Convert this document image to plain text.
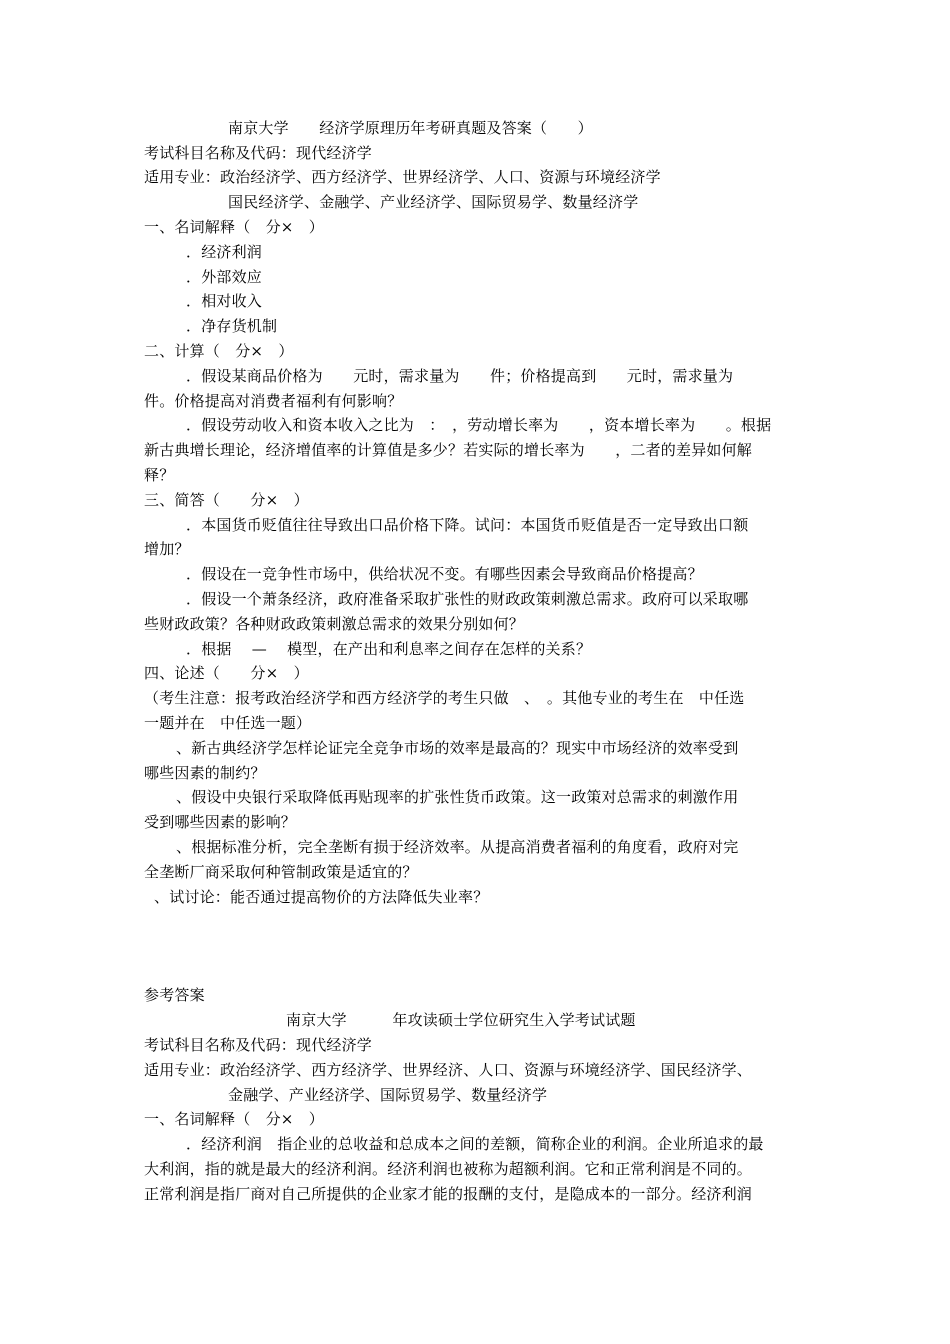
南京大学　　经济学原理历年考研真题及答案（　　）
考试科目名称及代码：现代经济学
适用专业：政治经济学、西方经济学、世界经济学、人口、资源与环境经济学
国民经济学、金融学、产业经济学、国际贸易学、数量经济学
一、名词解释（　分×　）
．经济利润
．外部效应
．相对收入
．净存货机制
二、计算（　分×　）
．假设某商品价格为　　元时，需求量为　　件；价格提高到　　元时，需求量为
件。价格提高对消费者福利有何影响？
．假设劳动收入和资本收入之比为　：　，劳动增长率为　　，资本增长率为　　。根据
新古典增长理论，经济增值率的计算值是多少？若实际的增长率为　　，二者的差异如何解
释？
三、简答（　　分×　）
．本国货币贬值往往导致出口品价格下降。试问：本国货币贬值是否一定导致出口额
增加？
．假设在一竞争性市场中，供给状况不变。有哪些因素会导致商品价格提高？
．假设一个萧条经济，政府准备采取扩张性的财政政策刺激总需求。政府可以采取哪
些财政政策？各种财政政策刺激总需求的效果分别如何？
．根据　 —　 模型，在产出和利息率之间存在怎样的关系？
四、论述（　　分×　）
（考生注意：报考政治经济学和西方经济学的考生只做　、　。其他专业的考生在　中任选
一题并在　中任选一题）
、新古典经济学怎样论证完全竞争市场的效率是最高的？现实中市场经济的效率受到
哪些因素的制约？
、假设中央银行采取降低再贴现率的扩张性货币政策。这一政策对总需求的刺激作用
受到哪些因素的影响？
、根据标准分析，完全垄断有损于经济效率。从提高消费者福利的角度看，政府对完
全垄断厂商采取何种管制政策是适宜的？
、试讨论：能否通过提高物价的方法降低失业率？
参考答案
南京大学　　　年攻读硕士学位研究生入学考试试题
考试科目名称及代码：现代经济学
适用专业：政治经济学、西方经济学、世界经济、人口、资源与环境经济学、国民经济学、
金融学、产业经济学、国际贸易学、数量经济学
一、名词解释（　分×　）
．经济利润　指企业的总收益和总成本之间的差额，简称企业的利润。企业所追求的最
大利润，指的就是最大的经济利润。经济利润也被称为超额利润。它和正常利润是不同的。
正常利润是指厂商对自己所提供的企业家才能的报酬的支付，是隐成本的一部分。经济利润
